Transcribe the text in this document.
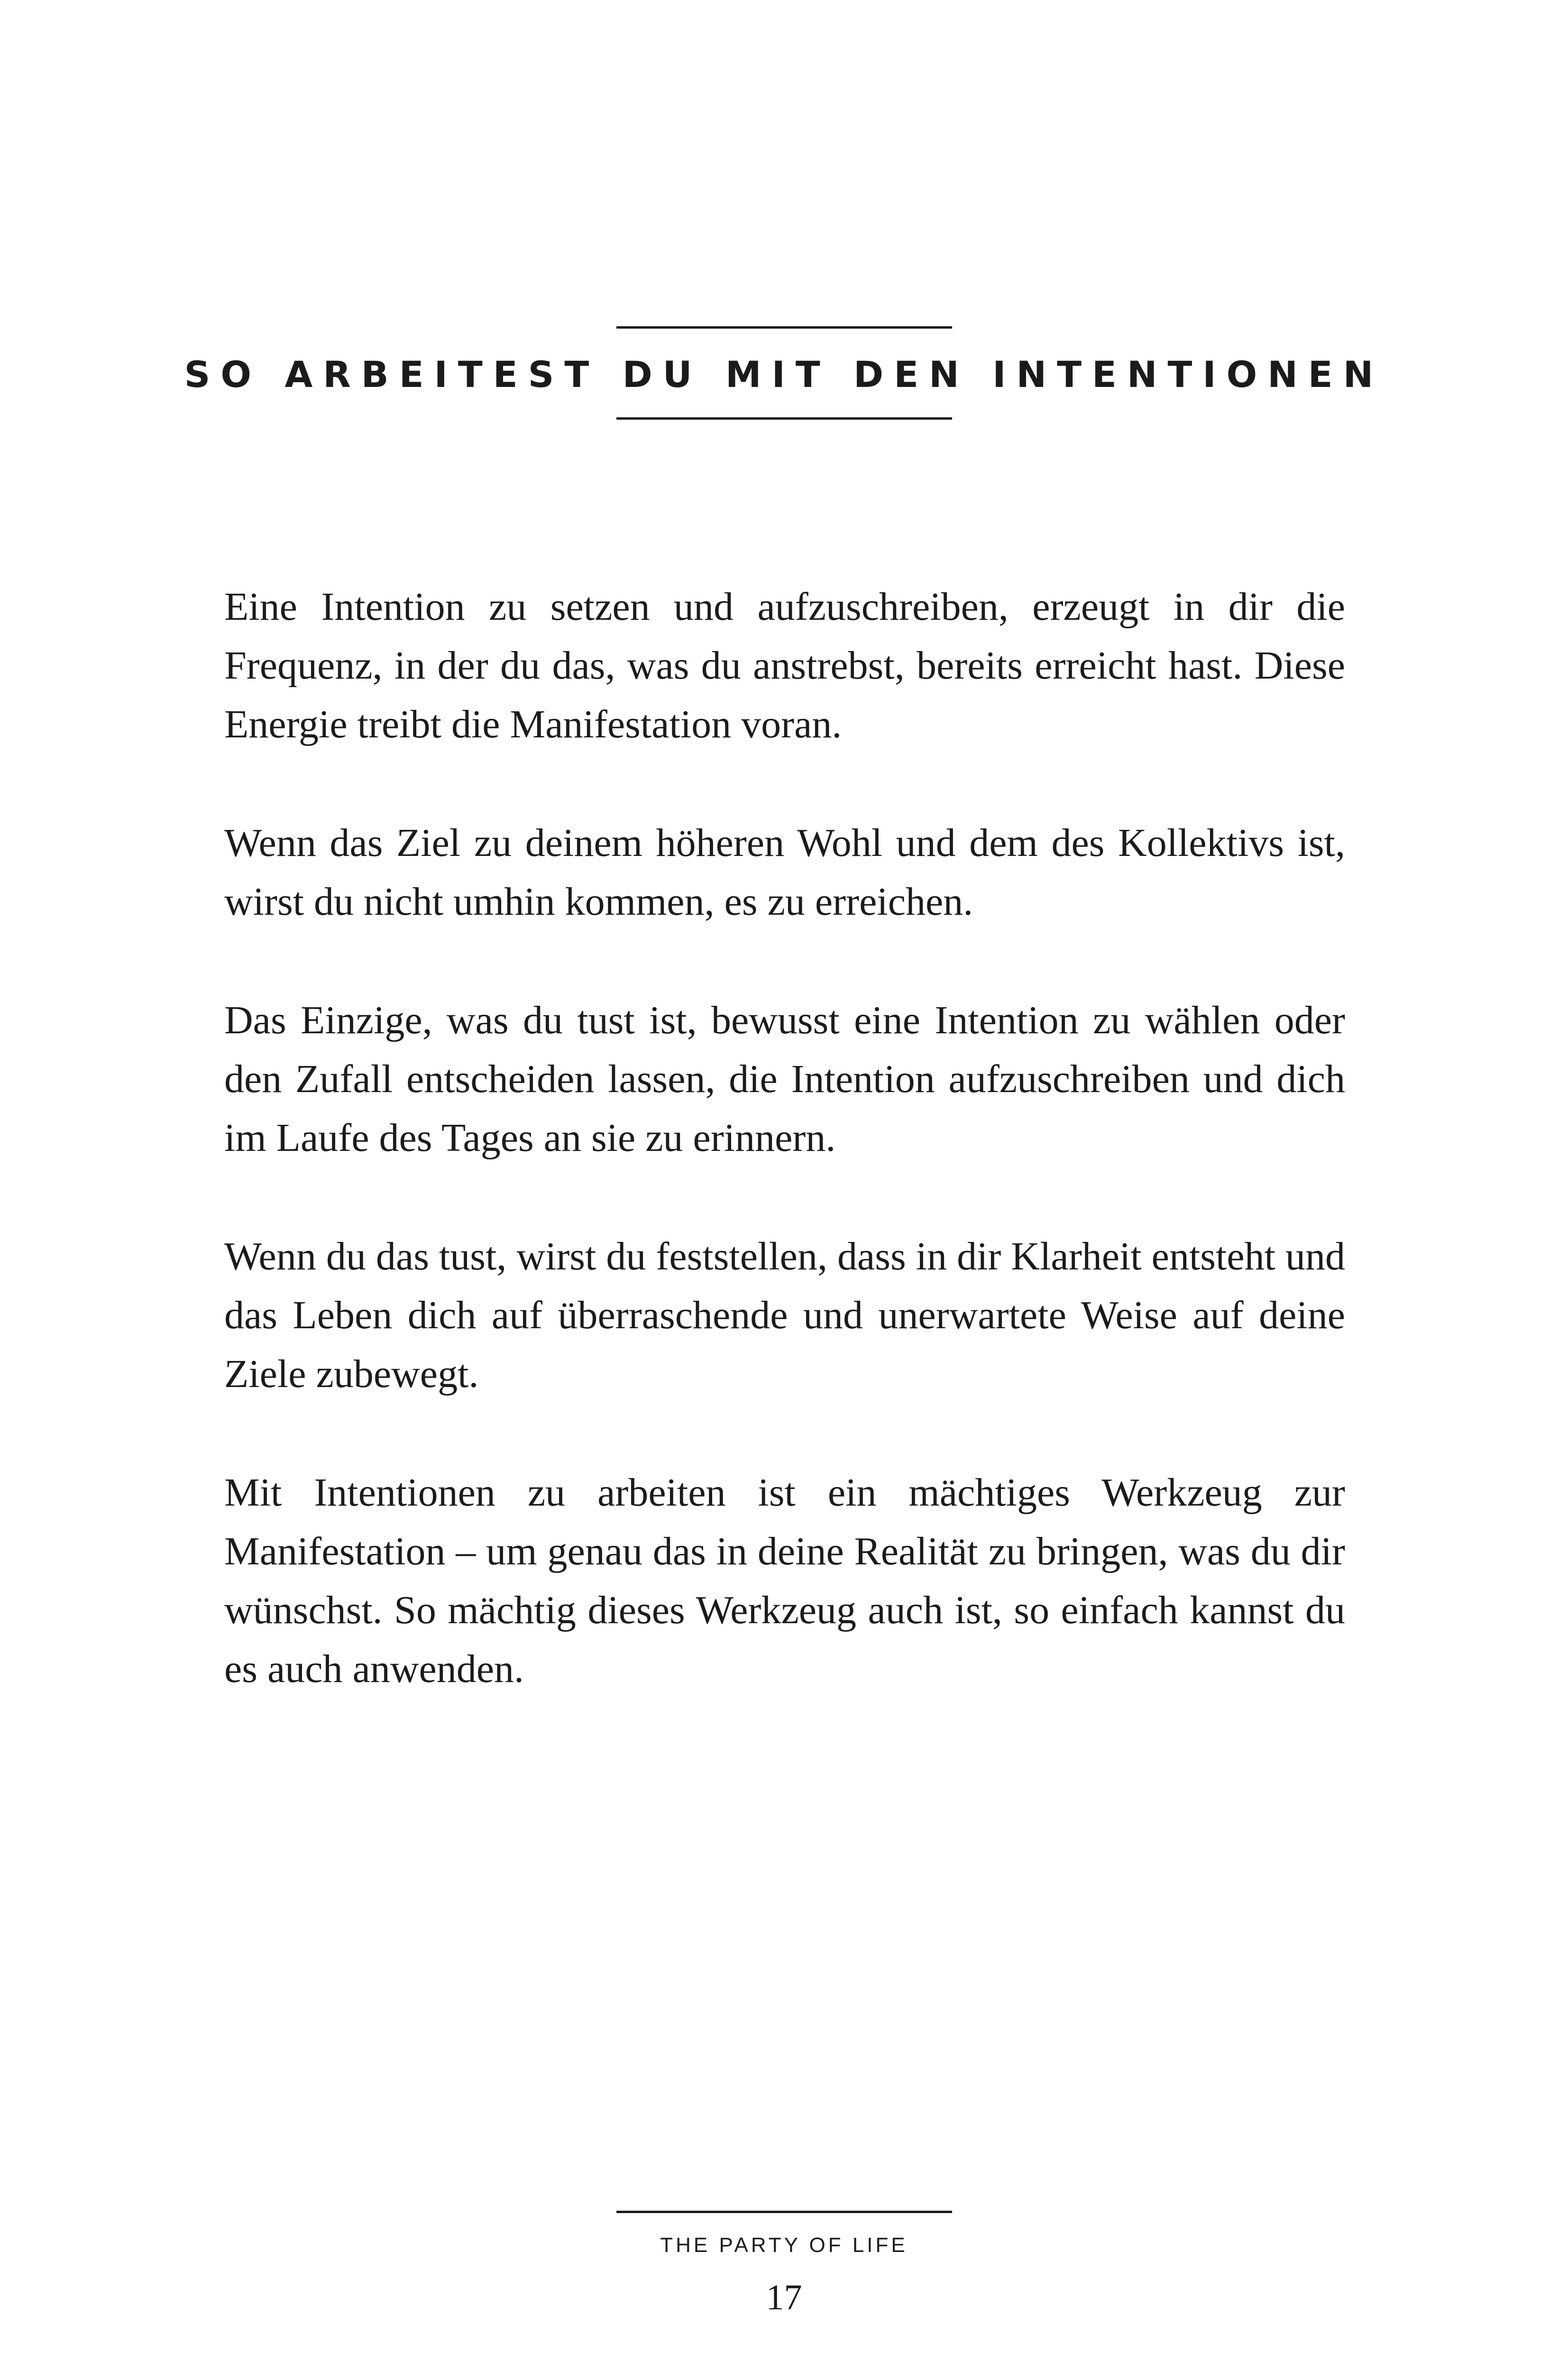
SO ARBEITEST DU MIT DEN INTENTIONEN

Eine Intention zu setzen und aufzuschreiben, erzeugt in dir die Frequenz, in der du das, was du anstrebst, bereits erreicht hast. Diese Energie treibt die Manifestation voran.

Wenn das Ziel zu deinem höheren Wohl und dem des Kollektivs ist, wirst du nicht umhin kommen, es zu erreichen.

Das Einzige, was du tust ist, bewusst eine Intention zu wählen oder den Zufall entscheiden lassen, die Intention aufzuschreiben und dich im Laufe des Tages an sie zu erinnern.

Wenn du das tust, wirst du feststellen, dass in dir Klarheit entsteht und das Leben dich auf überraschende und unerwartete Weise auf deine Ziele zubewegt.

Mit Intentionen zu arbeiten ist ein mächtiges Werkzeug zur Manifestation – um genau das in deine Realität zu bringen, was du dir wünschst. So mächtig dieses Werkzeug auch ist, so einfach kannst du es auch anwenden.

THE PARTY OF LIFE
17
